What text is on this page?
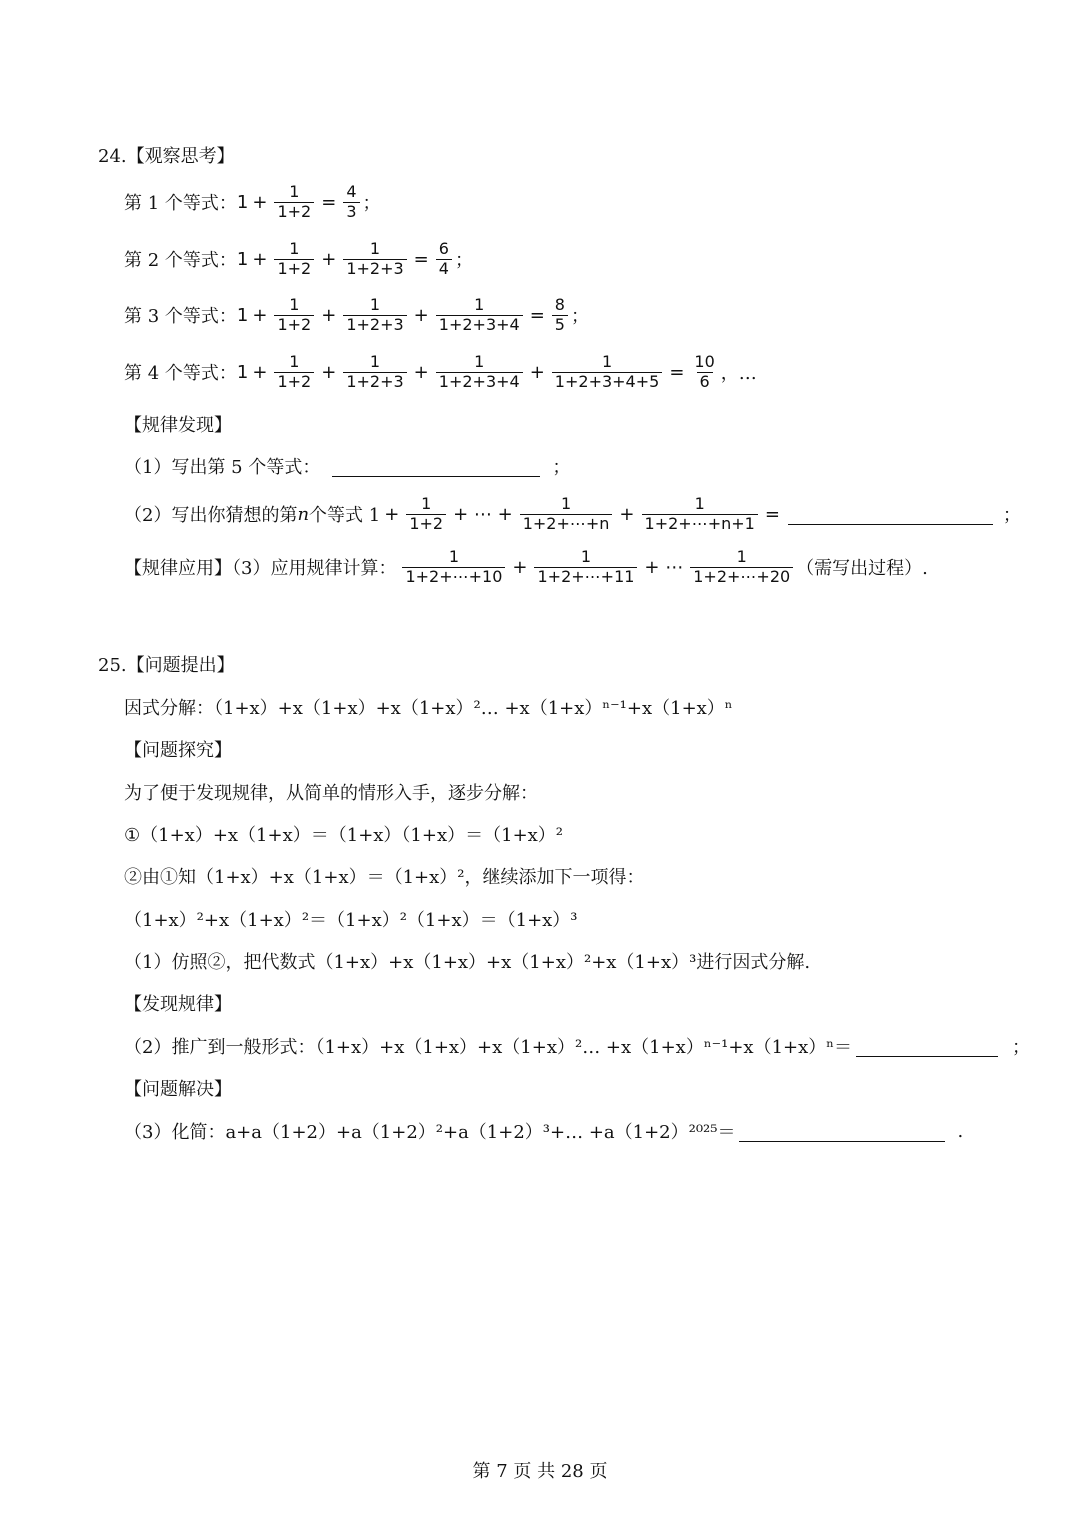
24.【观察思考】
第 1 个等式： $1 + \frac{1}{1+2} = \frac{4}{3}$ ；
第 2 个等式： $1 + \frac{1}{1+2} + \frac{1}{1+2+3} = \frac{6}{4}$ ；
第 3 个等式： $1 + \frac{1}{1+2} + \frac{1}{1+2+3} + \frac{1}{1+2+3+4} = \frac{8}{5}$ ；
第 4 个等式： $1 + \frac{1}{1+2} + \frac{1}{1+2+3} + \frac{1}{1+2+3+4} + \frac{1}{1+2+3+4+5} = \frac{10}{6}$ ，…
【规律发现】
（1）写出第 5 个等式：	；
（2）写出你猜想的第 n 个等式 $1 + \frac{1}{1+2}$ + ⋯ + $\frac{1}{1+2+\cdots+n} + \frac{1}{1+2+\cdots+n+1}$ =	；
【规律应用】（3）应用规律计算： $\frac{1}{1+2+\cdots+10} + \frac{1}{1+2+\cdots+11}$ + ⋯ $\frac{1}{1+2+\cdots+20}$ （需写出过程）.
25.【问题提出】
因式分解：（1+x）+x（1+x）+x（1+x）²… +x（1+x）ⁿ⁻¹+x（1+x）ⁿ
【问题探究】
为了便于发现规律，从简单的情形入手，逐步分解：
①（1+x）+x（1+x）＝（1+x）（1+x）＝（1+x）²
②由①知（1+x）+x（1+x）＝（1+x）²，继续添加下一项得：
（1+x）²+x（1+x）²＝（1+x）²（1+x）＝（1+x）³
（1）仿照②，把代数式（1+x）+x（1+x）+x（1+x）²+x（1+x）³进行因式分解.
【发现规律】
（2）推广到一般形式：（1+x）+x（1+x）+x（1+x）²… +x（1+x）ⁿ⁻¹+x（1+x）ⁿ＝	；
【问题解决】
（3）化简：a+a（1+2）+a（1+2）²+a（1+2）³+… +a（1+2）²⁰²⁵＝	.
第 7 页 共 28 页
